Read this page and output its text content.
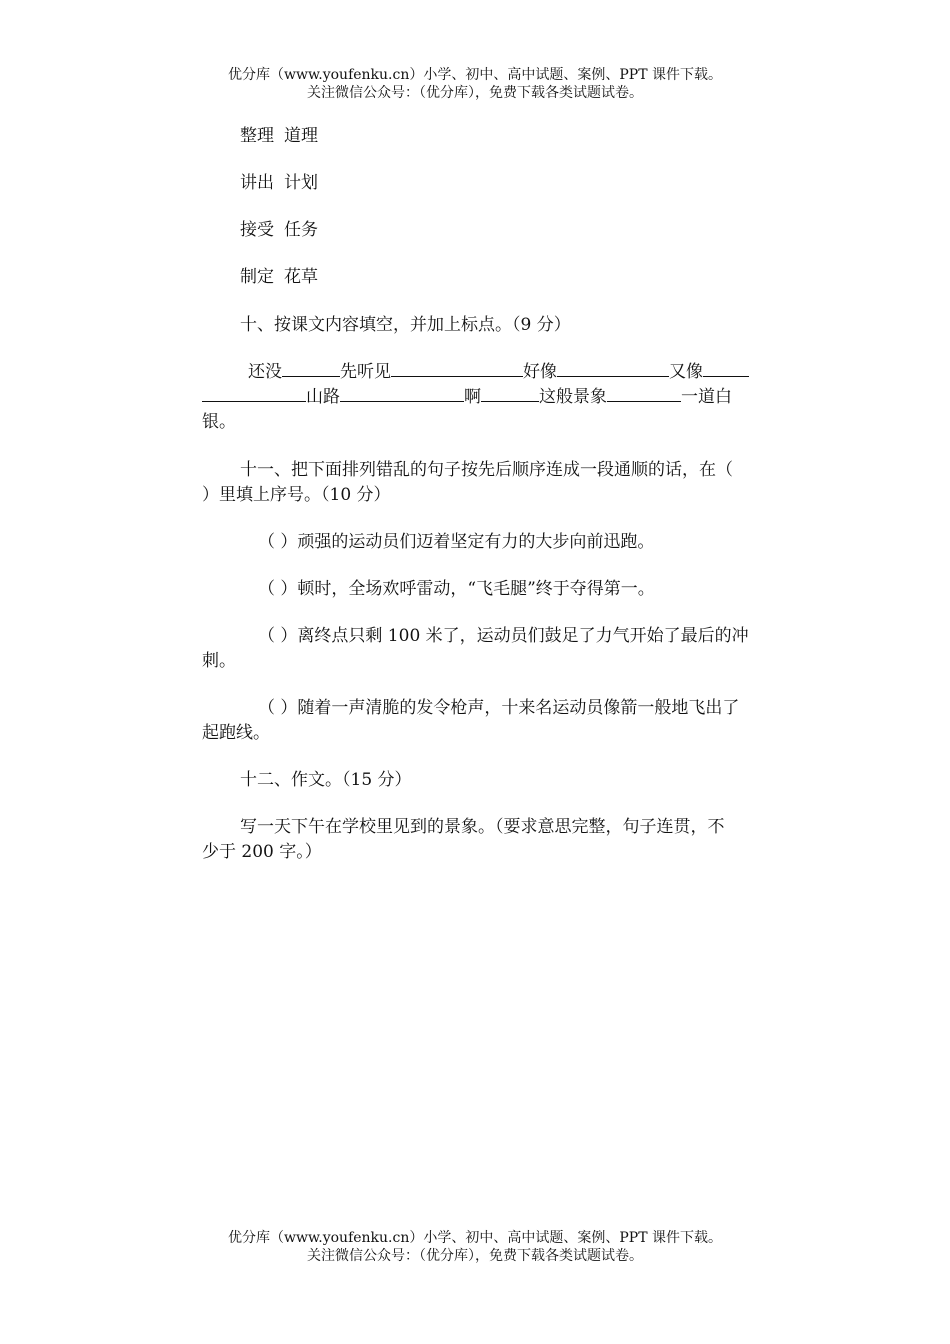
优分库（www.youfenku.cn）小学、初中、高中试题、案例、PPT 课件下载。
关注微信公众号：（优分库），免费下载各类试题试卷。
整理 道理
讲出 计划
接受 任务
制定 花草
十、按课文内容填空，并加上标点。（9 分）
还没	先听见	好像	又像
山路	啊	这般景象	一道白
银。
十一、把下面排列错乱的句子按先后顺序连成一段通顺的话，在（
）里填上序号。（10 分）
（ ）顽强的运动员们迈着坚定有力的大步向前迅跑。
（ ）顿时，全场欢呼雷动，“飞毛腿”终于夺得第一。
（ ）离终点只剩 100 米了，运动员们鼓足了力气开始了最后的冲
刺。
（ ）随着一声清脆的发令枪声，十来名运动员像箭一般地飞出了
起跑线。
十二、作文。（15 分）
写一天下午在学校里见到的景象。（要求意思完整，句子连贯，不
少于 200 字。）
优分库（www.youfenku.cn）小学、初中、高中试题、案例、PPT 课件下载。
关注微信公众号：（优分库），免费下载各类试题试卷。
